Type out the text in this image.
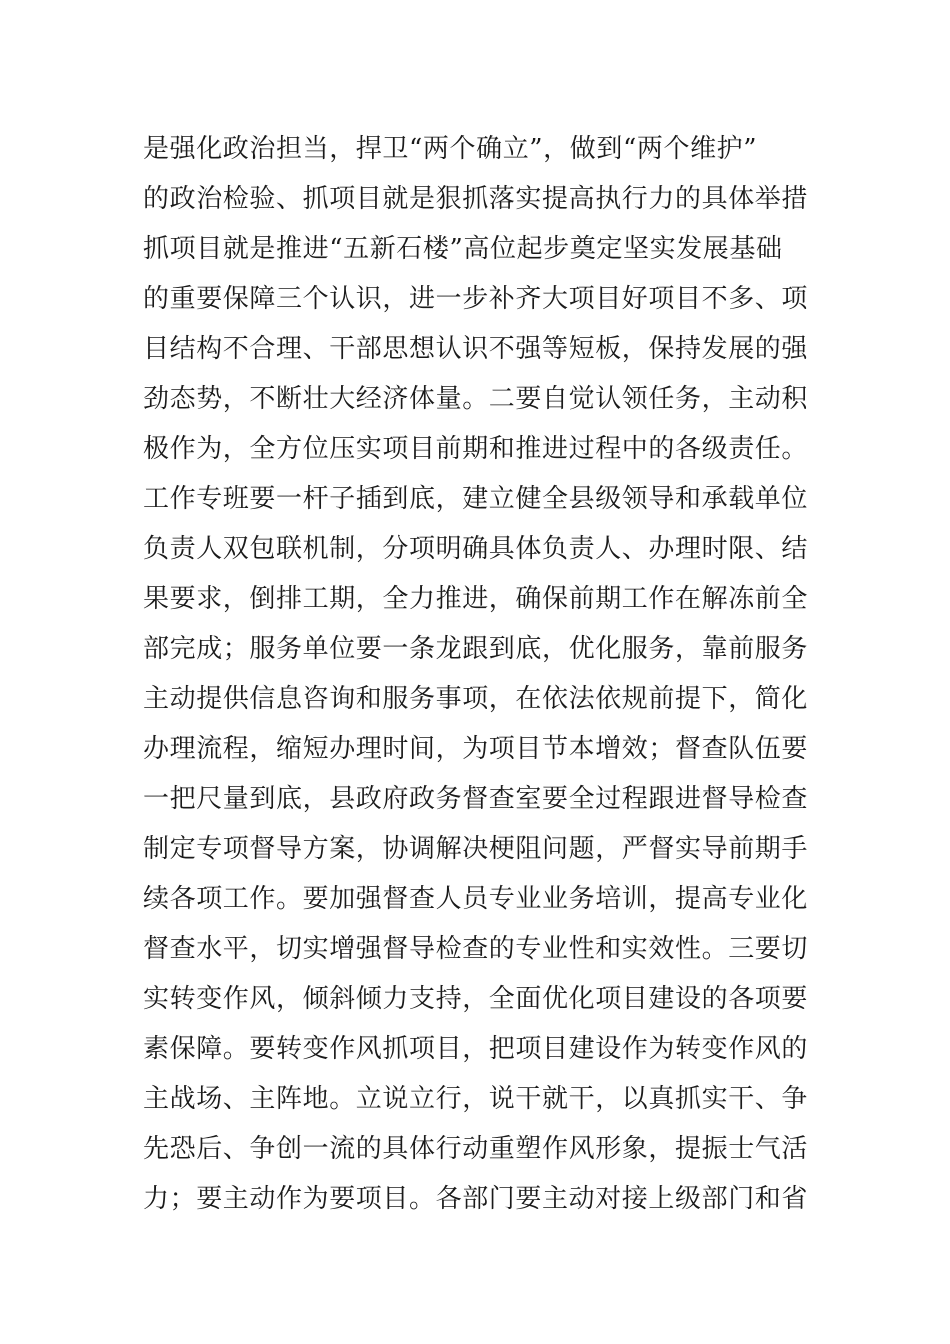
是强化政治担当，捍卫“两个确立”，做到“两个维护”
的政治检验、抓项目就是狠抓落实提高执行力的具体举措
抓项目就是推进“五新石楼”高位起步奠定坚实发展基础
的重要保障三个认识，进一步补齐大项目好项目不多、项
目结构不合理、干部思想认识不强等短板，保持发展的强
劲态势，不断壮大经济体量。二要自觉认领任务，主动积
极作为，全方位压实项目前期和推进过程中的各级责任。
工作专班要一杆子插到底，建立健全县级领导和承载单位
负责人双包联机制，分项明确具体负责人、办理时限、结
果要求，倒排工期，全力推进，确保前期工作在解冻前全
部完成；服务单位要一条龙跟到底，优化服务，靠前服务
主动提供信息咨询和服务事项，在依法依规前提下，简化
办理流程，缩短办理时间，为项目节本增效；督查队伍要
一把尺量到底，县政府政务督查室要全过程跟进督导检查
制定专项督导方案，协调解决梗阻问题，严督实导前期手
续各项工作。要加强督查人员专业业务培训，提高专业化
督查水平，切实增强督导检查的专业性和实效性。三要切
实转变作风，倾斜倾力支持，全面优化项目建设的各项要
素保障。要转变作风抓项目，把项目建设作为转变作风的
主战场、主阵地。立说立行，说干就干，以真抓实干、争
先恐后、争创一流的具体行动重塑作风形象，提振士气活
力；要主动作为要项目。各部门要主动对接上级部门和省
